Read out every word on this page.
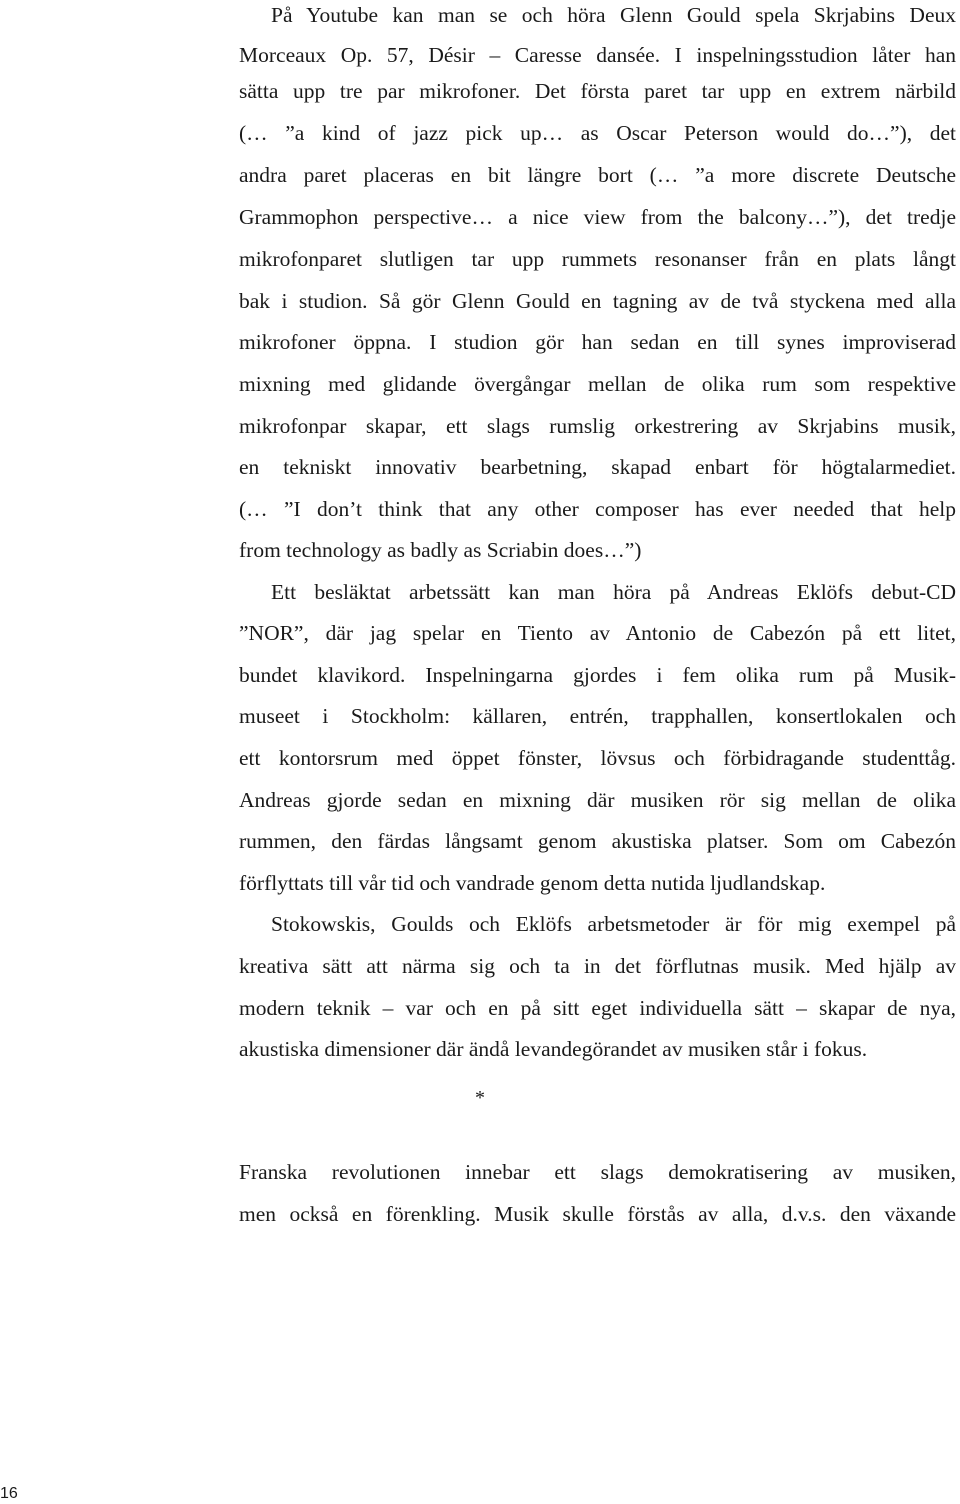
På Youtube kan man se och höra Glenn Gould spela Skrjabins Deux
Morceaux Op. 57, Désir – Caresse dansée. I inspelningsstudion låter han
sätta upp tre par mikrofoner. Det första paret tar upp en extrem närbild
(… ”a kind of jazz pick up… as Oscar Peterson would do…”), det
andra paret placeras en bit längre bort (… ”a more discrete Deutsche
Grammophon perspective… a nice view from the balcony…”), det tredje
mikrofonparet slutligen tar upp rummets resonanser från en plats långt
bak i studion. Så gör Glenn Gould en tagning av de två styckena med alla
mikrofoner öppna. I studion gör han sedan en till synes improviserad
mixning med glidande övergångar mellan de olika rum som respektive
mikrofonpar skapar, ett slags rumslig orkestrering av Skrjabins musik,
en tekniskt innovativ bearbetning, skapad enbart för högtalarmediet.
(… ”I don’t think that any other composer has ever needed that help
from technology as badly as Scriabin does…”)
Ett besläktat arbetssätt kan man höra på Andreas Eklöfs debut-CD
”NOR”, där jag spelar en Tiento av Antonio de Cabezón på ett litet,
bundet klavikord. Inspelningarna gjordes i fem olika rum på Musik-
museet i Stockholm: källaren, entrén, trapphallen, konsertlokalen och
ett kontorsrum med öppet fönster, lövsus och förbidragande studenttåg.
Andreas gjorde sedan en mixning där musiken rör sig mellan de olika
rummen, den färdas långsamt genom akustiska platser. Som om Cabezón
förflyttats till vår tid och vandrade genom detta nutida ljudlandskap.
Stokowskis, Goulds och Eklöfs arbetsmetoder är för mig exempel på
kreativa sätt att närma sig och ta in det förflutnas musik. Med hjälp av
modern teknik – var och en på sitt eget individuella sätt – skapar de nya,
akustiska dimensioner där ändå levandegörandet av musiken står i fokus.
*
Franska revolutionen innebar ett slags demokratisering av musiken,
men också en förenkling. Musik skulle förstås av alla, d.v.s. den växande
16
